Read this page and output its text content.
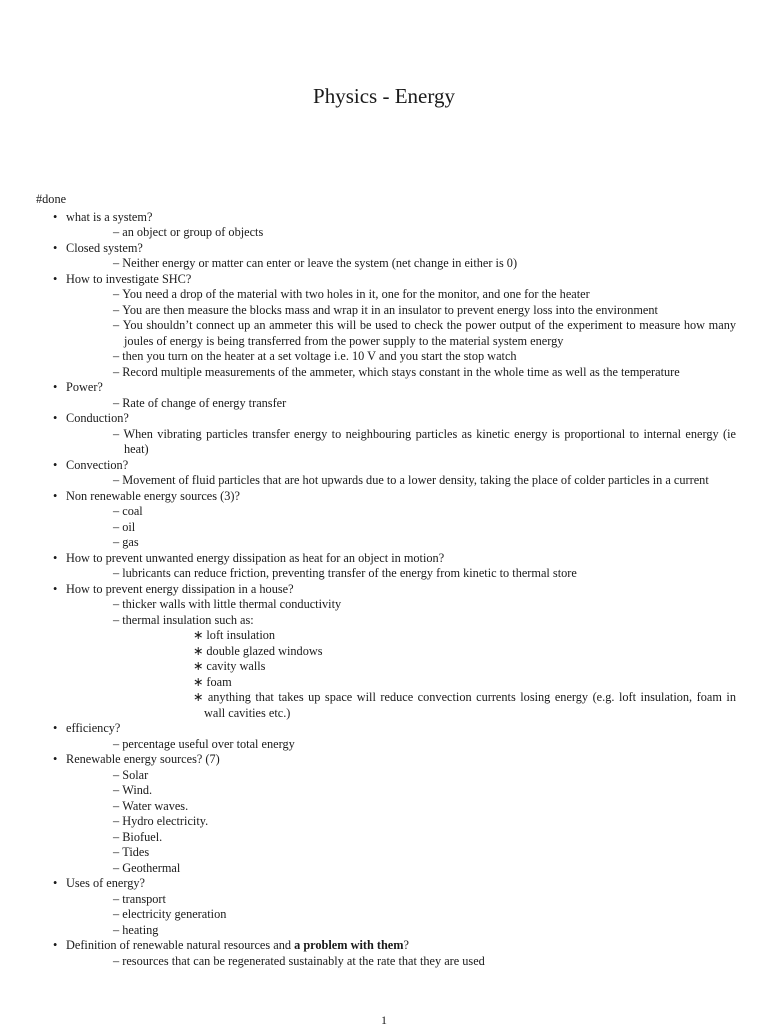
Physics - Energy
#done
• what is a system?
– an object or group of objects
• Closed system?
– Neither energy or matter can enter or leave the system (net change in either is 0)
• How to investigate SHC?
– You need a drop of the material with two holes in it, one for the monitor, and one for the heater
– You are then measure the blocks mass and wrap it in an insulator to prevent energy loss into the environment
– You shouldn’t connect up an ammeter this will be used to check the power output of the experiment to measure how many joules of energy is being transferred from the power supply to the material system energy
– then you turn on the heater at a set voltage i.e. 10 V and you start the stop watch
– Record multiple measurements of the ammeter, which stays constant in the whole time as well as the temperature
• Power?
– Rate of change of energy transfer
• Conduction?
– When vibrating particles transfer energy to neighbouring particles as kinetic energy is proportional to internal energy (ie heat)
• Convection?
– Movement of fluid particles that are hot upwards due to a lower density, taking the place of colder particles in a current
• Non renewable energy sources (3)?
– coal
– oil
– gas
• How to prevent unwanted energy dissipation as heat for an object in motion?
– lubricants can reduce friction, preventing transfer of the energy from kinetic to thermal store
• How to prevent energy dissipation in a house?
– thicker walls with little thermal conductivity
– thermal insulation such as:
∗ loft insulation
∗ double glazed windows
∗ cavity walls
∗ foam
∗ anything that takes up space will reduce convection currents losing energy (e.g. loft insulation, foam in wall cavities etc.)
• efficiency?
– percentage useful over total energy
• Renewable energy sources? (7)
– Solar
– Wind.
– Water waves.
– Hydro electricity.
– Biofuel.
– Tides
– Geothermal
• Uses of energy?
– transport
– electricity generation
– heating
• Definition of renewable natural resources and a problem with them?
– resources that can be regenerated sustainably at the rate that they are used
1
